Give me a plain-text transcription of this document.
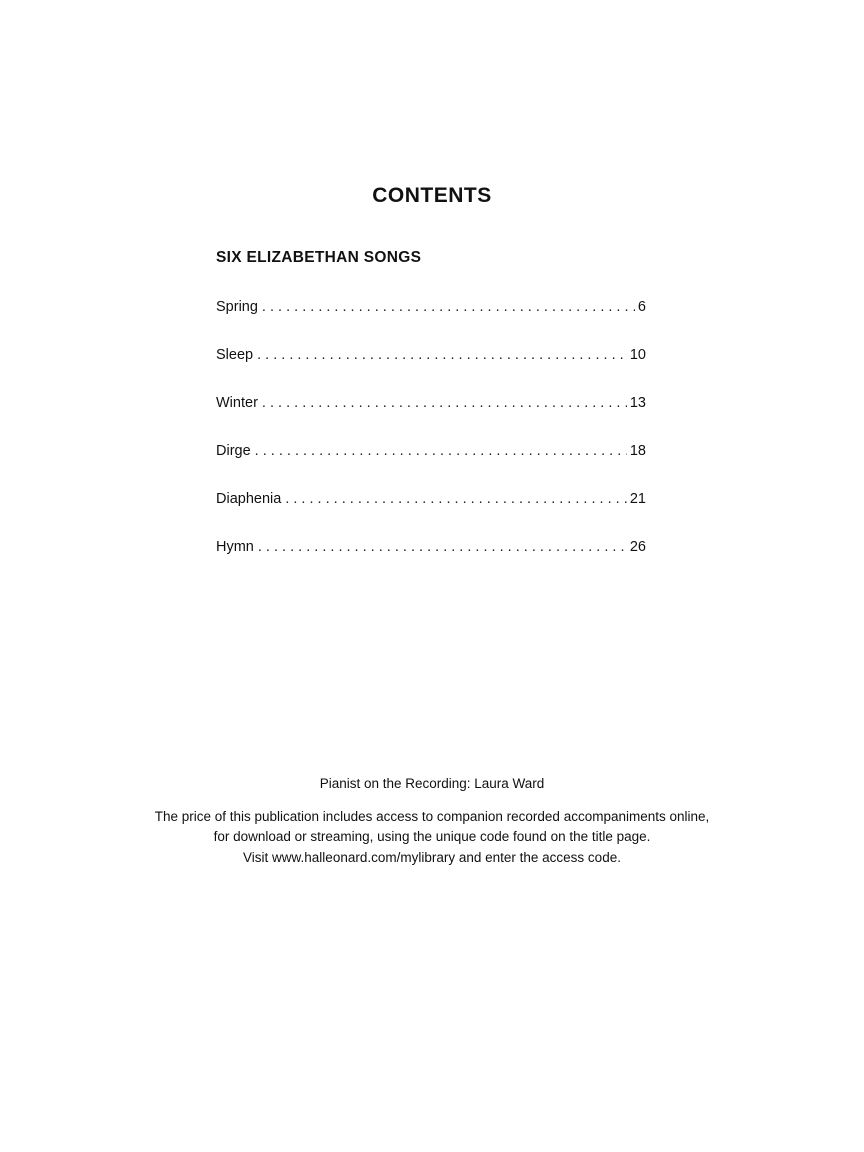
CONTENTS
SIX ELIZABETHAN SONGS
Spring . . .	6
Sleep . . .	10
Winter . . .	13
Dirge . . .	18
Diaphenia . . .	21
Hymn . . .	26

Pianist on the Recording: Laura Ward

The price of this publication includes access to companion recorded accompaniments online,

for download or streaming, using the unique code found on the title page.

Visit www.halleonard.com/mylibrary and enter the access code.
